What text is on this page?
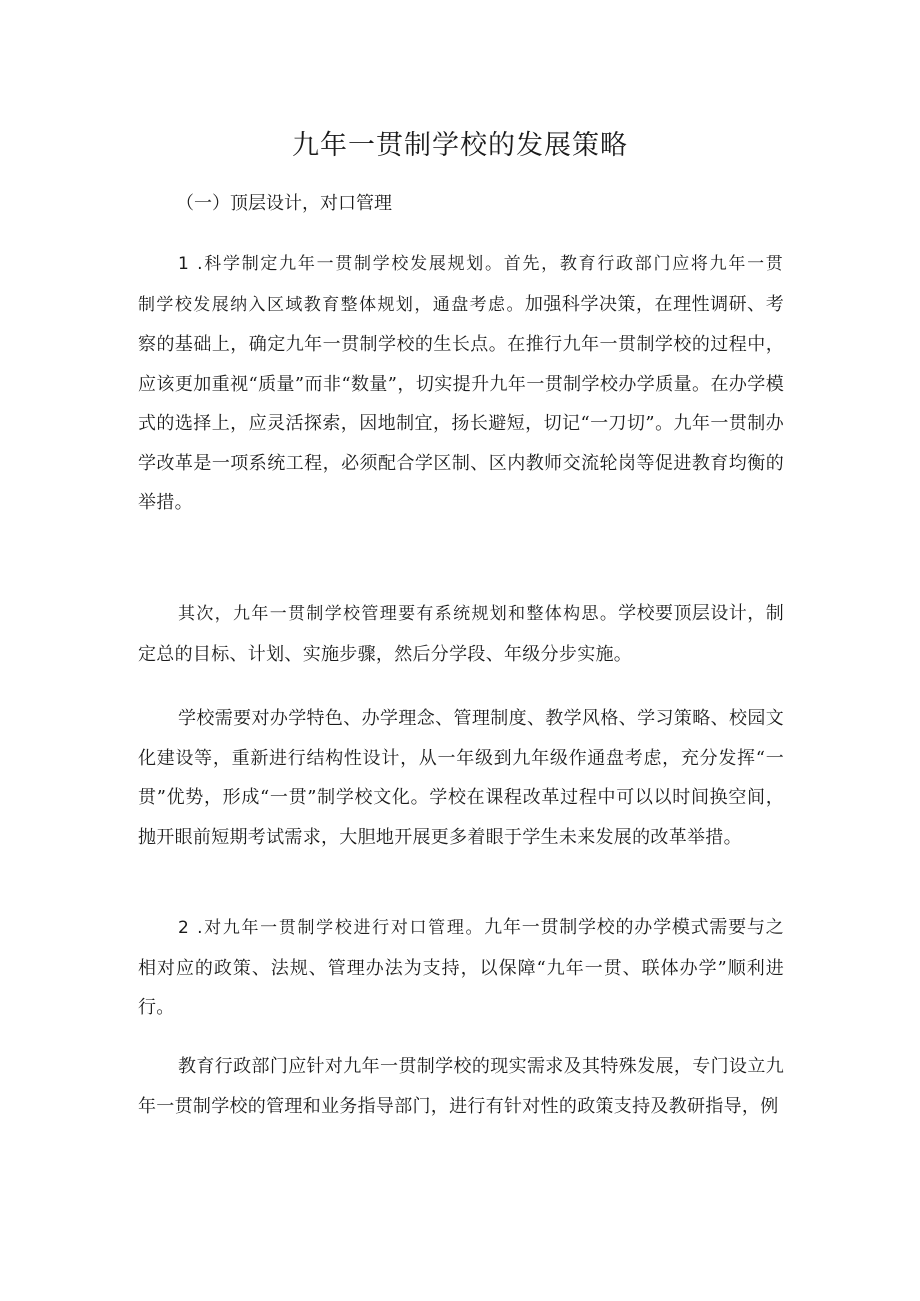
九年一贯制学校的发展策略

（一）顶层设计，对口管理

1 .科学制定九年一贯制学校发展规划。首先，教育行政部门应将九年一贯制学校发展纳入区域教育整体规划，通盘考虑。加强科学决策，在理性调研、考察的基础上，确定九年一贯制学校的生长点。在推行九年一贯制学校的过程中，应该更加重视“质量”而非“数量”，切实提升九年一贯制学校办学质量。在办学模式的选择上，应灵活探索，因地制宜，扬长避短，切记“一刀切”。九年一贯制办学改革是一项系统工程，必须配合学区制、区内教师交流轮岗等促进教育均衡的举措。

其次，九年一贯制学校管理要有系统规划和整体构思。学校要顶层设计，制定总的目标、计划、实施步骤，然后分学段、年级分步实施。

学校需要对办学特色、办学理念、管理制度、教学风格、学习策略、校园文化建设等，重新进行结构性设计，从一年级到九年级作通盘考虑，充分发挥“一贯”优势，形成“一贯”制学校文化。学校在课程改革过程中可以以时间换空间，抛开眼前短期考试需求，大胆地开展更多着眼于学生未来发展的改革举措。

2 .对九年一贯制学校进行对口管理。九年一贯制学校的办学模式需要与之相对应的政策、法规、管理办法为支持，以保障“九年一贯、联体办学”顺利进行。

教育行政部门应针对九年一贯制学校的现实需求及其特殊发展，专门设立九年一贯制学校的管理和业务指导部门，进行有针对性的政策支持及教研指导，例
